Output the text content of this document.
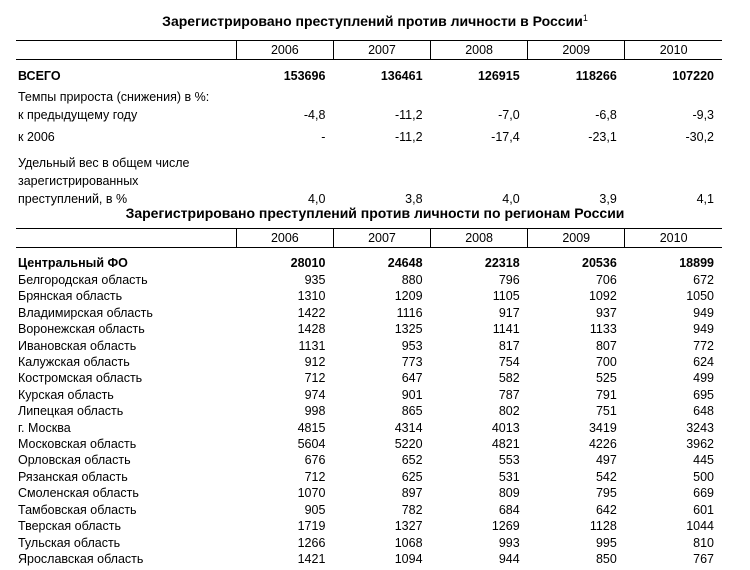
Зарегистрировано преступлений против личности в России$^1$
	2006	2007	2008	2009	2010
ВСЕГО	153696	136461	126915	118266	107220
Темпы прироста (снижения) в %:					
к предыдущему году	-4,8	-11,2	-7,0	-6,8	-9,3
к 2006	-	-11,2	-17,4	-23,1	-30,2

Удельный вес в общем числе
зарегистрированных
преступлений, в %	4,0	3,8	4,0	3,9	4,1
Зарегистрировано преступлений против личности по регионам России
	2006	2007	2008	2009	2010
Центральный ФО	28010	24648	22318	20536	18899
Белгородская область	935	880	796	706	672
Брянская область	1310	1209	1105	1092	1050
Владимирская область	1422	1116	917	937	949
Воронежская область	1428	1325	1141	1133	949
Ивановская область	1131	953	817	807	772
Калужская область	912	773	754	700	624
Костромская область	712	647	582	525	499
Курская область	974	901	787	791	695
Липецкая область	998	865	802	751	648
г. Москва	4815	4314	4013	3419	3243
Московская область	5604	5220	4821	4226	3962
Орловская область	676	652	553	497	445
Рязанская область	712	625	531	542	500
Смоленская область	1070	897	809	795	669
Тамбовская область	905	782	684	642	601
Тверская область	1719	1327	1269	1128	1044
Тульская область	1266	1068	993	995	810
Ярославская область	1421	1094	944	850	767
